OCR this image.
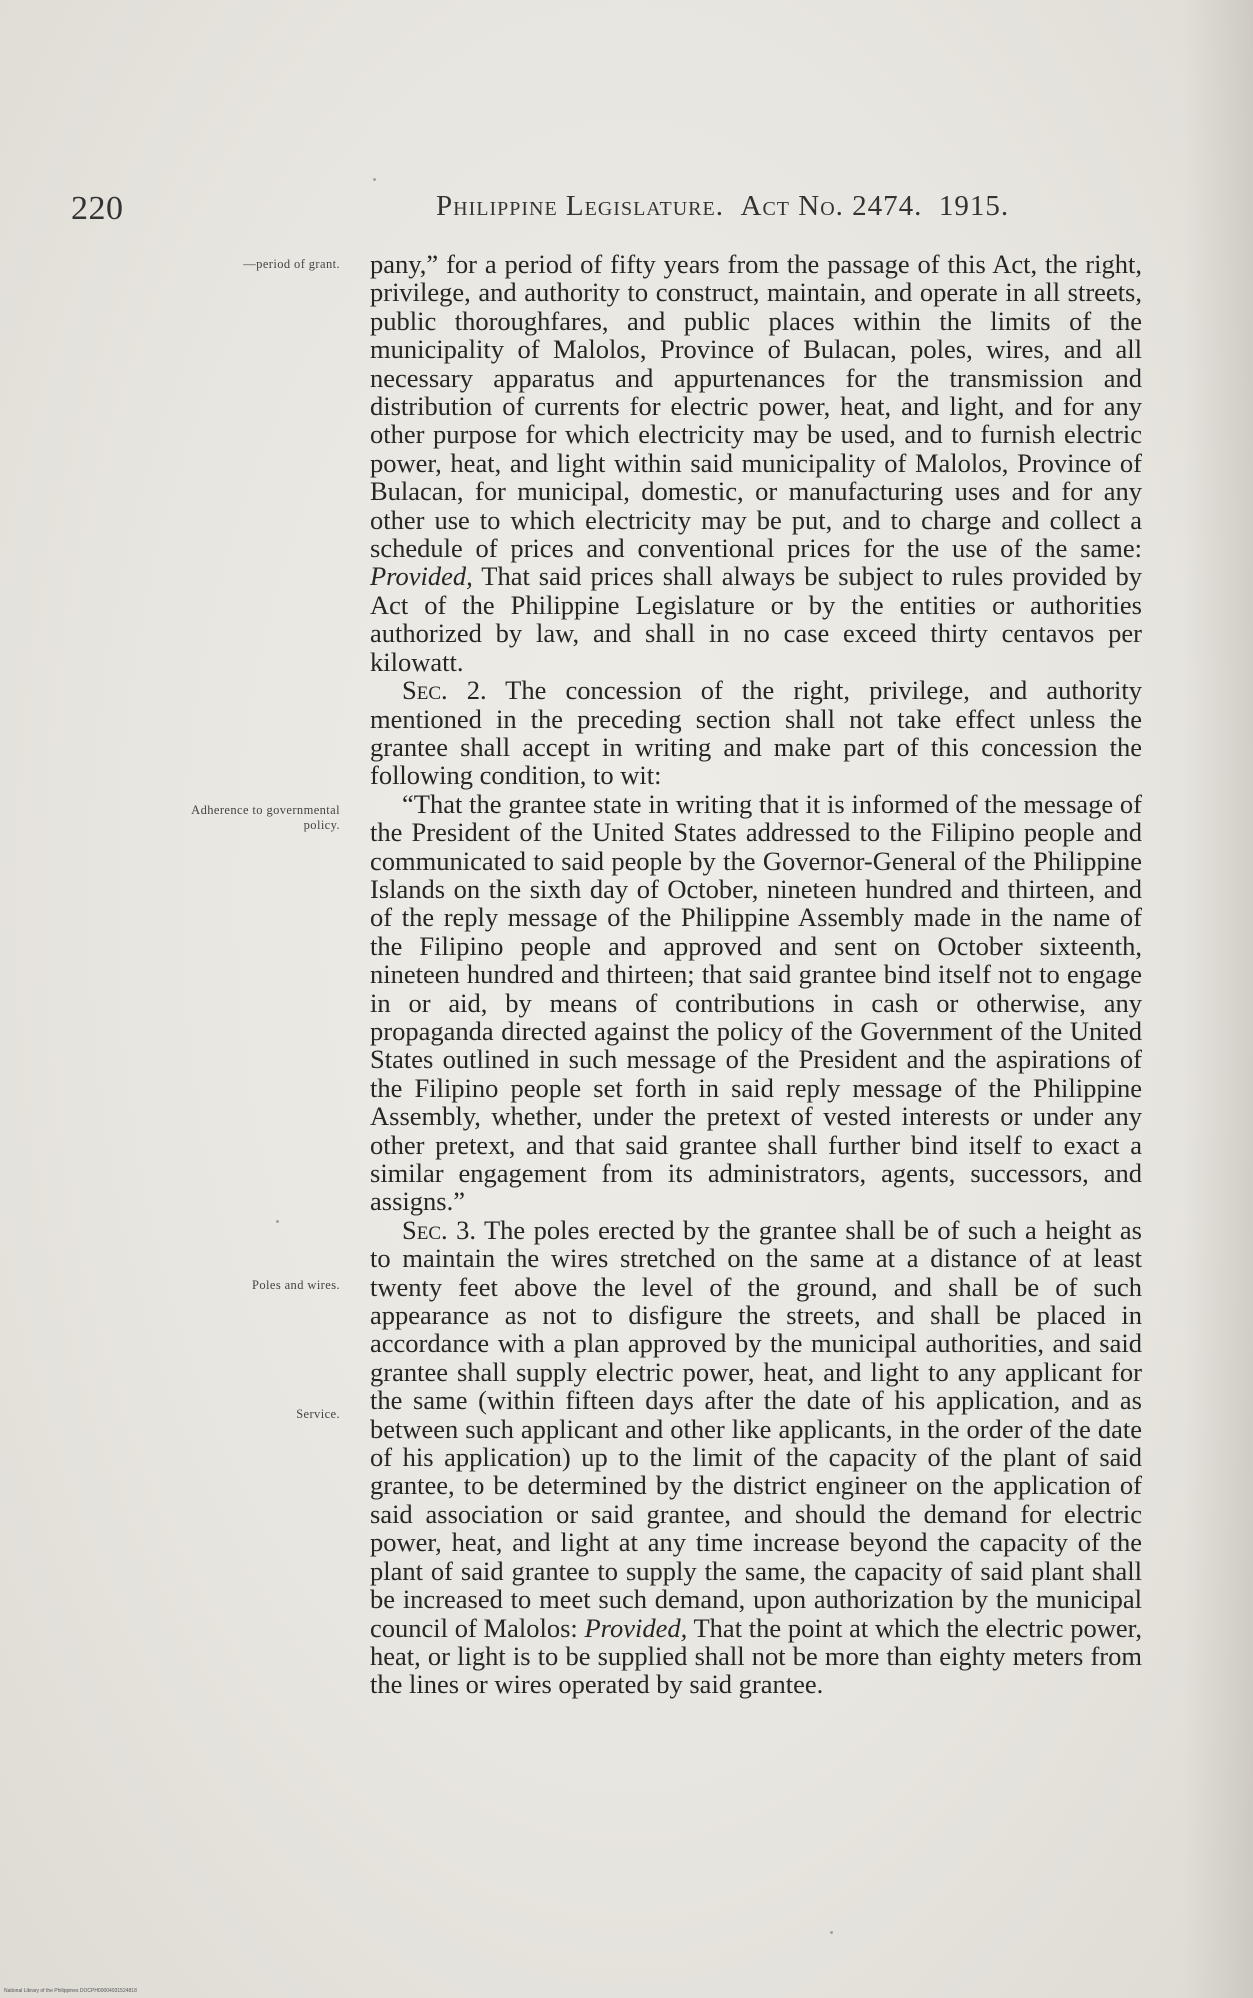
220	Philippine Legislature. Act No. 2474. 1915.
—period of grant.
Adherence to governmental policy.
Poles and wires.
Service.

pany,” for a period of fifty years from the passage of this Act, the right, privilege, and authority to construct, maintain, and operate in all streets, public thoroughfares, and public places within the limits of the municipality of Malolos, Province of Bulacan, poles, wires, and all necessary apparatus and appurtenances for the transmission and distribution of currents for electric power, heat, and light, and for any other purpose for which electricity may be used, and to furnish electric power, heat, and light within said municipality of Malolos, Province of Bulacan, for municipal, domestic, or manufacturing uses and for any other use to which electricity may be put, and to charge and collect a schedule of prices and conventional prices for the use of the same: Provided, That said prices shall always be subject to rules provided by Act of the Philippine Legislature or by the entities or authorities authorized by law, and shall in no case exceed thirty centavos per kilowatt.

Sec. 2. The concession of the right, privilege, and authority mentioned in the preceding section shall not take effect unless the grantee shall accept in writing and make part of this concession the following condition, to wit:

“That the grantee state in writing that it is informed of the message of the President of the United States addressed to the Filipino people and communicated to said people by the Governor-General of the Philippine Islands on the sixth day of October, nineteen hundred and thirteen, and of the reply message of the Philippine Assembly made in the name of the Filipino people and approved and sent on October sixteenth, nineteen hundred and thirteen; that said grantee bind itself not to engage in or aid, by means of contributions in cash or otherwise, any propaganda directed against the policy of the Government of the United States outlined in such message of the President and the aspirations of the Filipino people set forth in said reply message of the Philippine Assembly, whether, under the pretext of vested interests or under any other pretext, and that said grantee shall further bind itself to exact a similar engagement from its administrators, agents, successors, and assigns.”

Sec. 3. The poles erected by the grantee shall be of such a height as to maintain the wires stretched on the same at a distance of at least twenty feet above the level of the ground, and shall be of such appearance as not to disfigure the streets, and shall be placed in accordance with a plan approved by the municipal authorities, and said grantee shall supply electric power, heat, and light to any applicant for the same (within fifteen days after the date of his application, and as between such applicant and other like applicants, in the order of the date of his application) up to the limit of the capacity of the plant of said grantee, to be determined by the district engineer on the application of said association or said grantee, and should the demand for electric power, heat, and light at any time increase beyond the capacity of the plant of said grantee to supply the same, the capacity of said plant shall be increased to meet such demand, upon authorization by the municipal council of Malolos: Provided, That the point at which the electric power, heat, or light is to be supplied shall not be more than eighty meters from the lines or wires operated by said grantee.

National Library of the Philippines DOCPH00004931524818
